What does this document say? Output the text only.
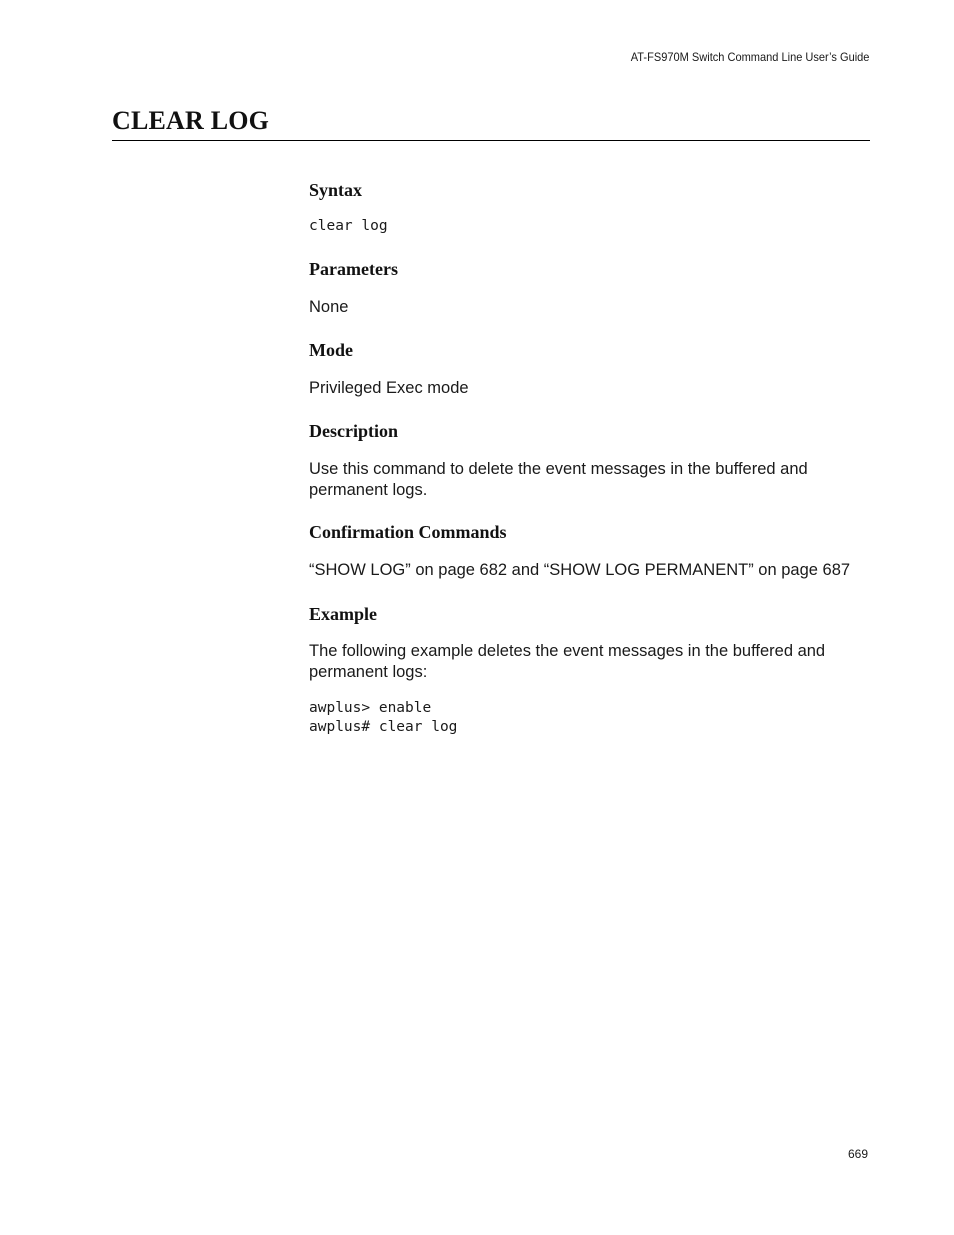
AT-FS970M Switch Command Line User’s Guide
CLEAR LOG
Syntax
clear log
Parameters
None
Mode
Privileged Exec mode
Description
Use this command to delete the event messages in the buffered and
permanent logs.
Confirmation Commands
“SHOW LOG” on page 682 and “SHOW LOG PERMANENT” on page 687
Example
The following example deletes the event messages in the buffered and
permanent logs:
awplus> enable
awplus# clear log
669
